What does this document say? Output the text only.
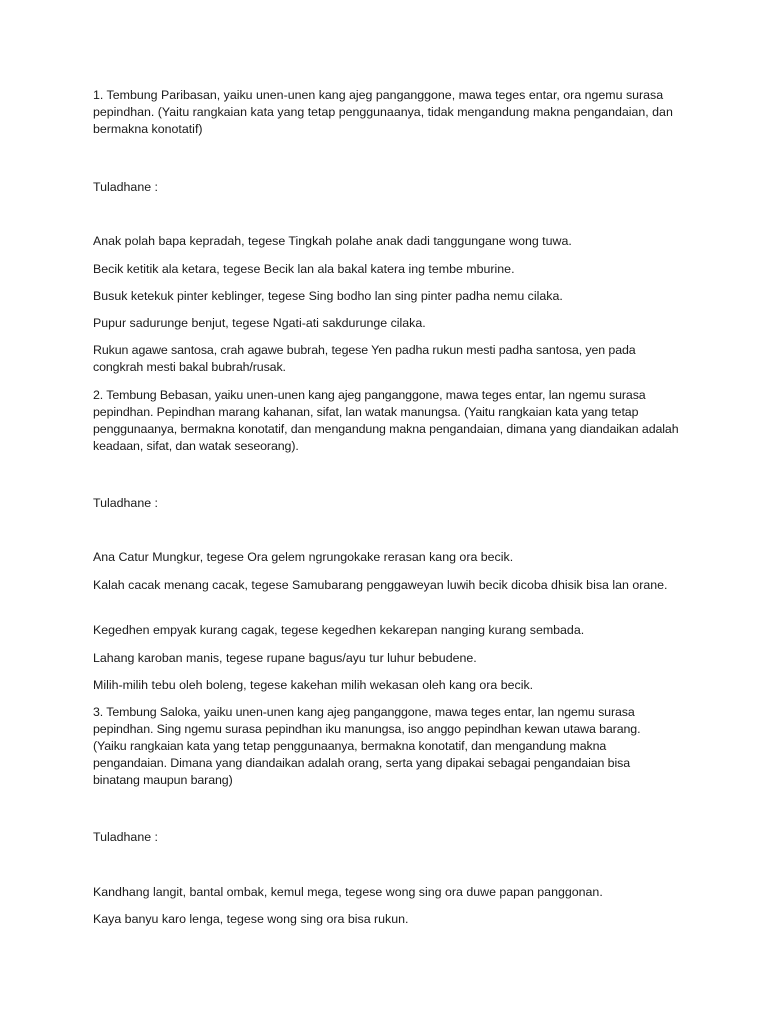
1. Tembung Paribasan, yaiku unen-unen kang ajeg panganggone, mawa teges entar, ora ngemu surasa pepindhan. (Yaitu rangkaian kata yang tetap penggunaanya, tidak mengandung makna pengandaian, dan bermakna konotatif)

Tuladhane :

Anak polah bapa kepradah, tegese Tingkah polahe anak dadi tanggungane wong tuwa.

Becik ketitik ala ketara, tegese Becik lan ala bakal katera ing tembe mburine.

Busuk ketekuk pinter keblinger, tegese Sing bodho lan sing pinter padha nemu cilaka.

Pupur sadurunge benjut, tegese Ngati-ati sakdurunge cilaka.

Rukun agawe santosa, crah agawe bubrah, tegese Yen padha rukun mesti padha santosa, yen pada congkrah mesti bakal bubrah/rusak.

2. Tembung Bebasan, yaiku unen-unen kang ajeg panganggone, mawa teges entar, lan ngemu surasa pepindhan. Pepindhan marang kahanan, sifat, lan watak manungsa. (Yaitu rangkaian kata yang tetap penggunaanya, bermakna konotatif, dan mengandung makna pengandaian, dimana yang diandaikan adalah keadaan, sifat, dan watak seseorang).

Tuladhane :

Ana Catur Mungkur, tegese Ora gelem ngrungokake rerasan kang ora becik.

Kalah cacak menang cacak, tegese Samubarang penggaweyan luwih becik dicoba dhisik bisa lan orane.

Kegedhen empyak kurang cagak, tegese kegedhen kekarepan nanging kurang sembada.

Lahang karoban manis, tegese rupane bagus/ayu tur luhur bebudene.

Milih-milih tebu oleh boleng, tegese kakehan milih wekasan oleh kang ora becik.

3. Tembung Saloka, yaiku unen-unen kang ajeg panganggone, mawa teges entar, lan ngemu surasa pepindhan. Sing ngemu surasa pepindhan iku manungsa, iso anggo pepindhan kewan utawa barang. (Yaiku rangkaian kata yang tetap penggunaanya, bermakna konotatif, dan mengandung makna pengandaian. Dimana yang diandaikan adalah orang, serta yang dipakai sebagai pengandaian bisa binatang maupun barang)

Tuladhane :

Kandhang langit, bantal ombak, kemul mega, tegese wong sing ora duwe papan panggonan.

Kaya banyu karo lenga, tegese wong sing ora bisa rukun.
